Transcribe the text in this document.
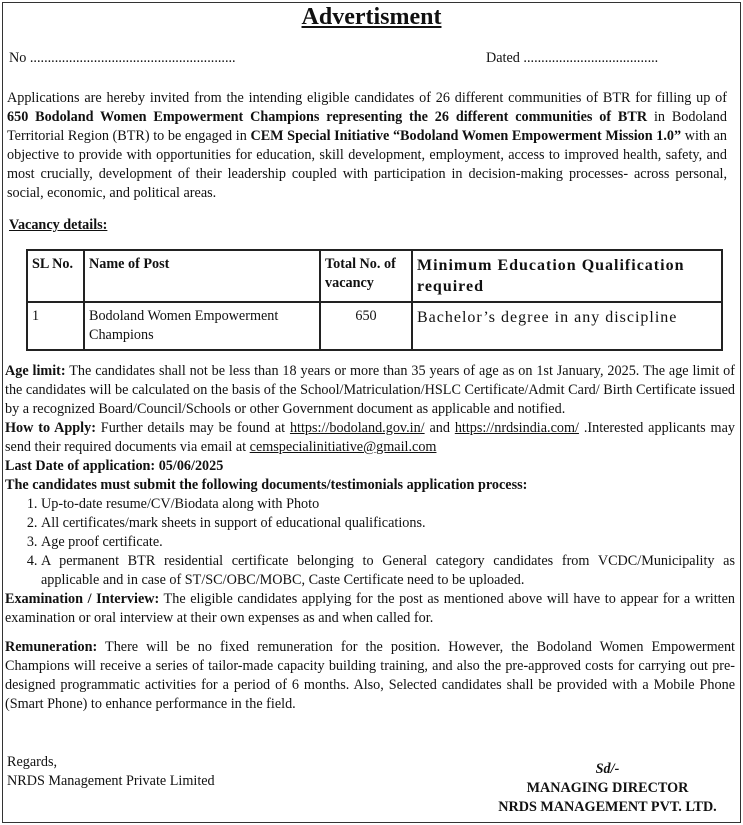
Advertisment
No ..........................................................	Dated ......................................
Applications are hereby invited from the intending eligible candidates of 26 different communities of BTR for filling up of 650 Bodoland Women Empowerment Champions representing the 26 different communities of BTR in Bodoland Territorial Region (BTR) to be engaged in CEM Special Initiative “Bodoland Women Empowerment Mission 1.0” with an objective to provide with opportunities for education, skill development, employment, access to improved health, safety, and most crucially, development of their leadership coupled with participation in decision-making processes- across personal, social, economic, and political areas.
Vacancy details:
SL No.	Name of Post	Total No. of vacancy	Minimum Education Qualification required
1	Bodoland Women Empowerment Champions	650	Bachelor’s degree in any discipline

Age limit: The candidates shall not be less than 18 years or more than 35 years of age as on 1st January, 2025. The age limit of the candidates will be calculated on the basis of the School/Matriculation/HSLC Certificate/Admit Card/ Birth Certificate issued by a recognized Board/Council/Schools or other Government document as applicable and notified.

How to Apply: Further details may be found at https://bodoland.gov.in/ and https://nrdsindia.com/ .Interested applicants may send their required documents via email at cemspecialinitiative@gmail.com

Last Date of application: 05/06/2025

The candidates must submit the following documents/testimonials application process:

1. Up-to-date resume/CV/Biodata along with Photo
2. All certificates/mark sheets in support of educational qualifications.
3. Age proof certificate.
4. A permanent BTR residential certificate belonging to General category candidates from VCDC/Municipality as applicable and in case of ST/SC/OBC/MOBC, Caste Certificate need to be uploaded.

Examination / Interview: The eligible candidates applying for the post as mentioned above will have to appear for a written examination or oral interview at their own expenses as and when called for.

Remuneration: There will be no fixed remuneration for the position. However, the Bodoland Women Empowerment Champions will receive a series of tailor-made capacity building training, and also the pre-approved costs for carrying out pre-designed programmatic activities for a period of 6 months. Also, Selected candidates shall be provided with a Mobile Phone (Smart Phone) to enhance performance in the field.

Regards,
NRDS Management Private Limited
Sd/-
MANAGING DIRECTOR
NRDS MANAGEMENT PVT. LTD.
